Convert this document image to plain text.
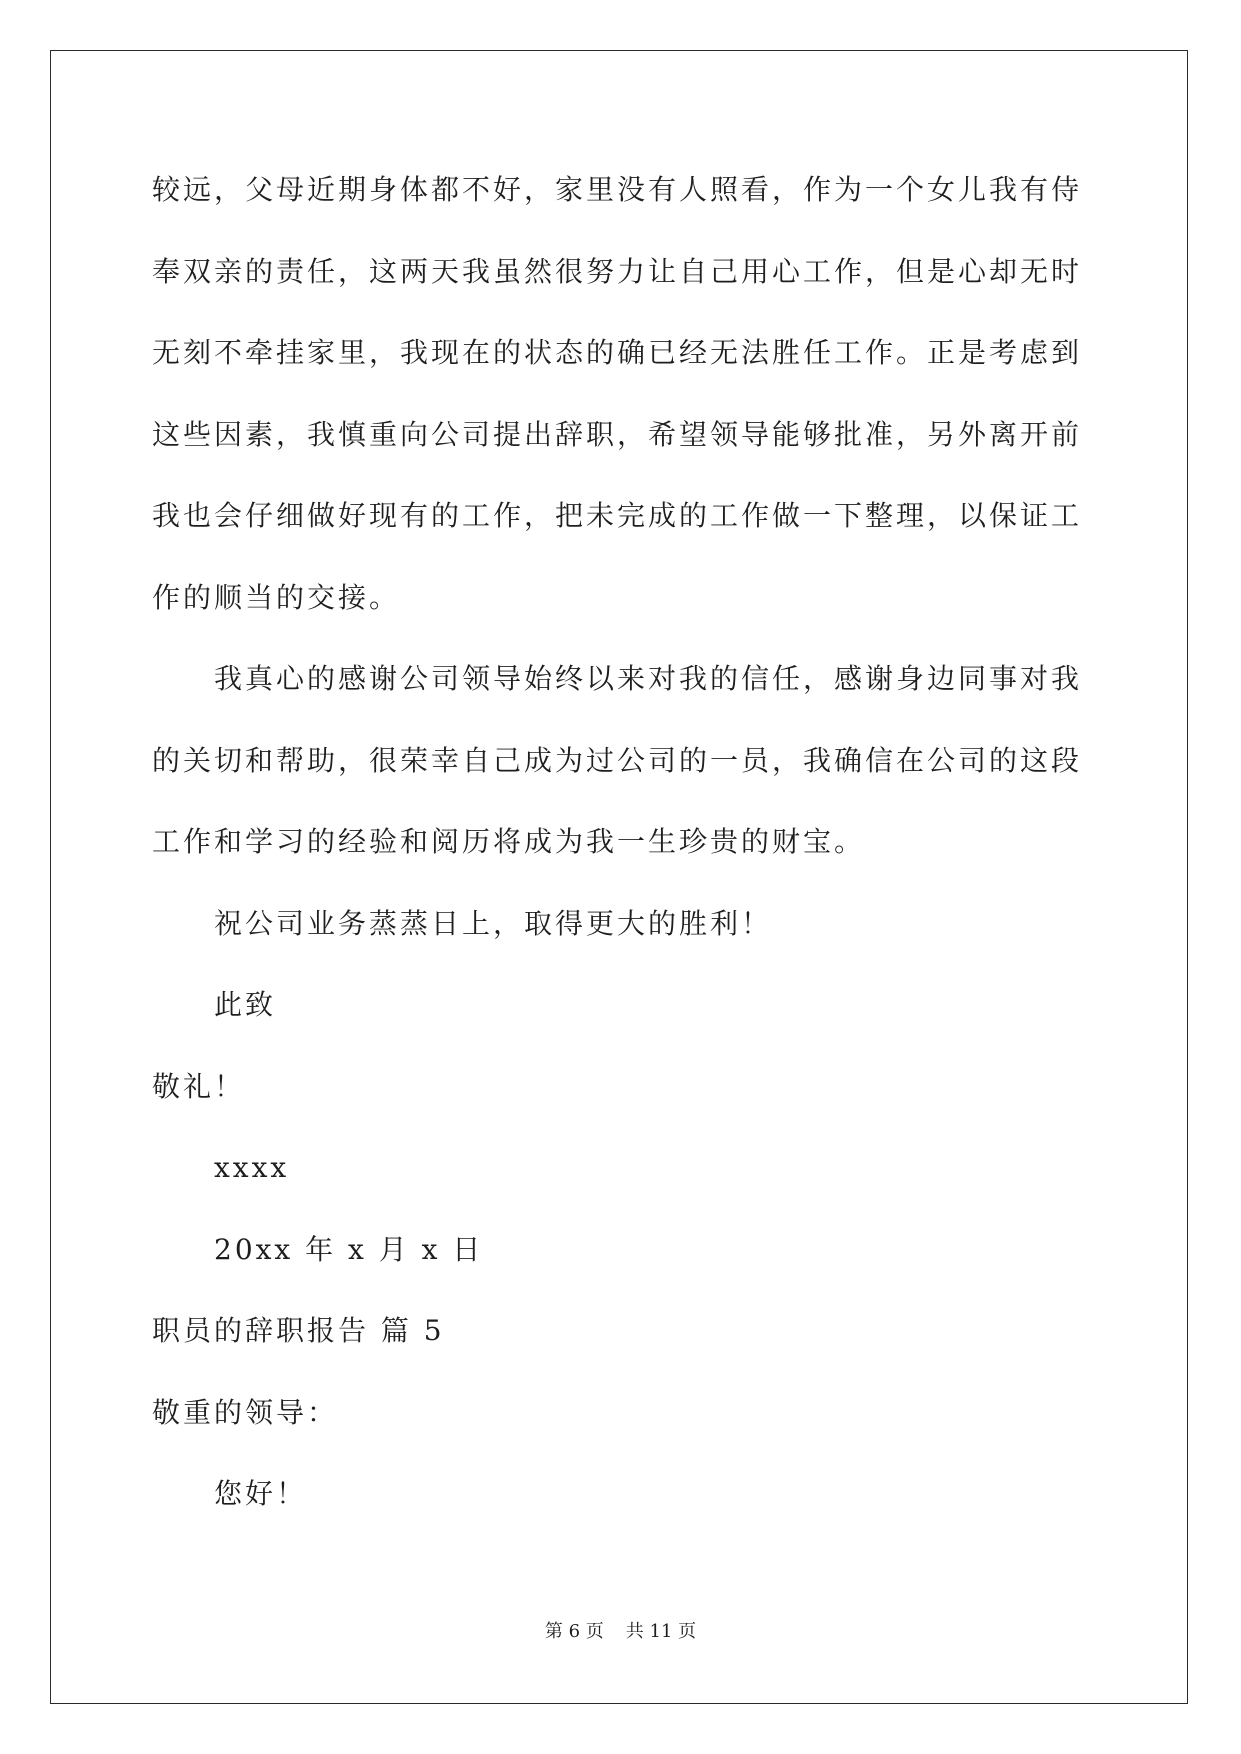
较远，父母近期身体都不好，家里没有人照看，作为一个女儿我有侍
奉双亲的责任，这两天我虽然很努力让自己用心工作，但是心却无时
无刻不牵挂家里，我现在的状态的确已经无法胜任工作。正是考虑到
这些因素，我慎重向公司提出辞职，希望领导能够批准，另外离开前
我也会仔细做好现有的工作，把未完成的工作做一下整理，以保证工
作的顺当的交接。
我真心的感谢公司领导始终以来对我的信任，感谢身边同事对我
的关切和帮助，很荣幸自己成为过公司的一员，我确信在公司的这段
工作和学习的经验和阅历将成为我一生珍贵的财宝。
祝公司业务蒸蒸日上，取得更大的胜利！
此致
敬礼！
xxxx
20xx 年 x 月 x 日
职员的辞职报告 篇 5
敬重的领导：
您好！
第 6 页 共 11 页
